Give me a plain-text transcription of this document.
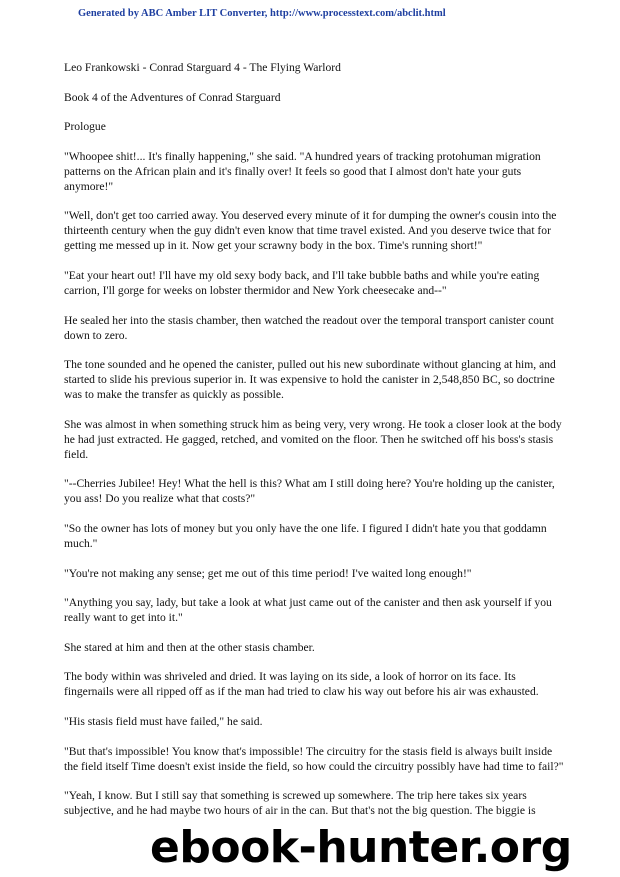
Generated by ABC Amber LIT Converter, http://www.processtext.com/abclit.html

Leo Frankowski - Conrad Starguard 4 - The Flying Warlord

Book 4 of the Adventures of Conrad Starguard

Prologue

"Whoopee shit!... It's finally happening," she said. "A hundred years of tracking protohuman migration patterns on the African plain and it's finally over! It feels so good that I almost don't hate your guts anymore!"

"Well, don't get too carried away. You deserved every minute of it for dumping the owner's cousin into the thirteenth century when the guy didn't even know that time travel existed. And you deserve twice that for getting me messed up in it. Now get your scrawny body in the box. Time's running short!"

"Eat your heart out! I'll have my old sexy body back, and I'll take bubble baths and while you're eating carrion, I'll gorge for weeks on lobster thermidor and New York cheesecake and--"

He sealed her into the stasis chamber, then watched the readout over the temporal transport canister count down to zero.

The tone sounded and he opened the canister, pulled out his new subordinate without glancing at him, and started to slide his previous superior in. It was expensive to hold the canister in 2,548,850 BC, so doctrine was to make the transfer as quickly as possible.

She was almost in when something struck him as being very, very wrong. He took a closer look at the body he had just extracted. He gagged, retched, and vomited on the floor. Then he switched off his boss's stasis field.

"--Cherries Jubilee! Hey! What the hell is this? What am I still doing here? You're holding up the canister, you ass! Do you realize what that costs?"

"So the owner has lots of money but you only have the one life. I figured I didn't hate you that goddamn much."

"You're not making any sense; get me out of this time period! I've waited long enough!"

"Anything you say, lady, but take a look at what just came out of the canister and then ask yourself if you really want to get into it."

She stared at him and then at the other stasis chamber.

The body within was shriveled and dried. It was laying on its side, a look of horror on its face. Its fingernails were all ripped off as if the man had tried to claw his way out before his air was exhausted.

"His stasis field must have failed," he said.

"But that's impossible! You know that's impossible! The circuitry for the stasis field is always built inside the field itself Time doesn't exist inside the field, so how could the circuitry possibly have had time to fail?"

"Yeah, I know. But I still say that something is screwed up somewhere. The trip here takes six years subjective, and he had maybe two hours of air in the can. But that's not the big question. The biggie is

ebook-hunter.org
